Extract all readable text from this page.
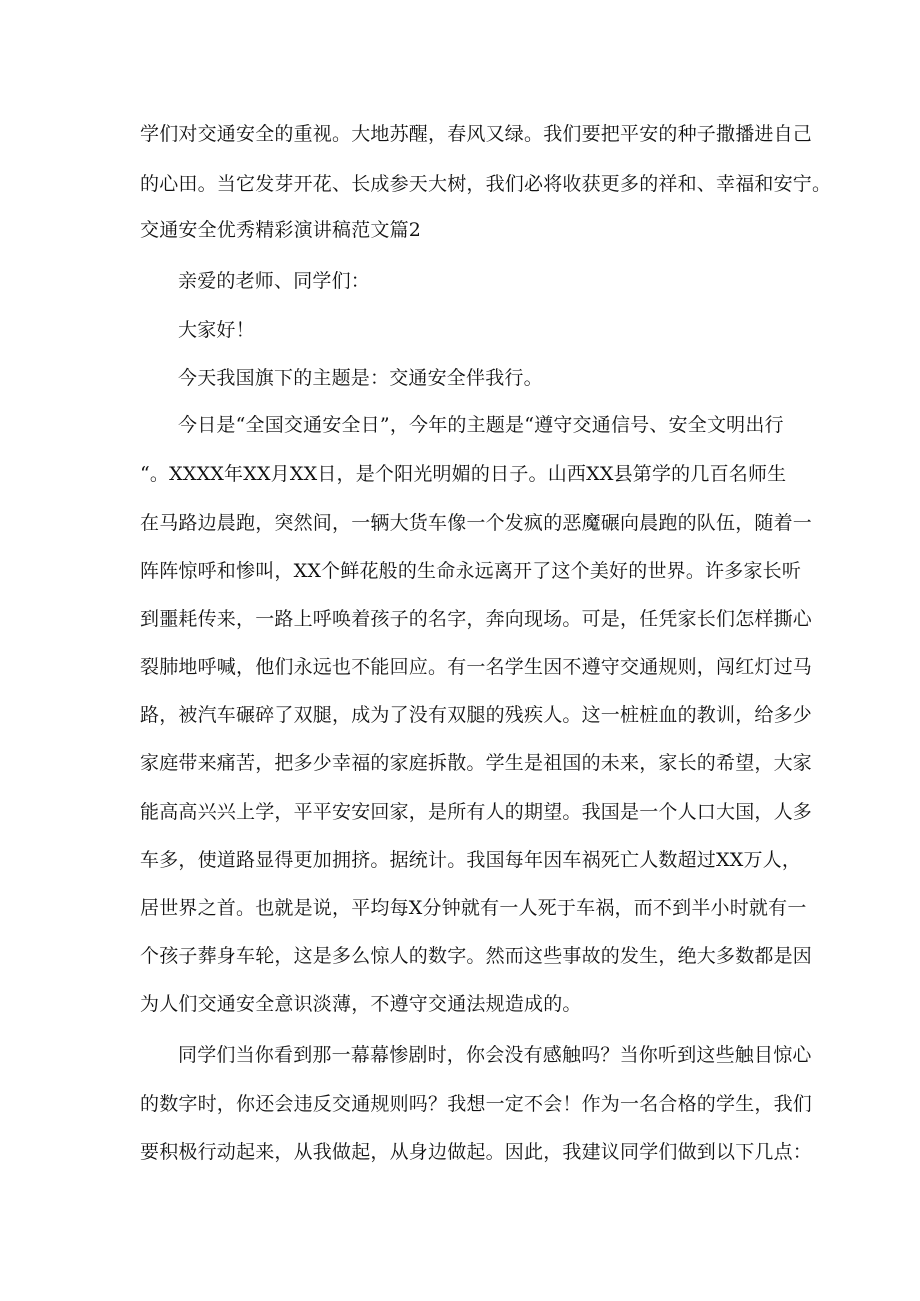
学们对交通安全的重视。大地苏醒，春风又绿。我们要把平安的种子撒播进自己
的心田。当它发芽开花、长成参天大树，我们必将收获更多的祥和、幸福和安宁。
交通安全优秀精彩演讲稿范文篇2
亲爱的老师、同学们：
大家好！
今天我国旗下的主题是：交通安全伴我行。
今日是“全国交通安全日”，今年的主题是“遵守交通信号、安全文明出行
“。XXXX年XX月XX日，是个阳光明媚的日子。山西XX县第学的几百名师生
在马路边晨跑，突然间，一辆大货车像一个发疯的恶魔碾向晨跑的队伍，随着一
阵阵惊呼和惨叫，XX个鲜花般的生命永远离开了这个美好的世界。许多家长听
到噩耗传来，一路上呼唤着孩子的名字，奔向现场。可是，任凭家长们怎样撕心
裂肺地呼喊，他们永远也不能回应。有一名学生因不遵守交通规则，闯红灯过马
路，被汽车碾碎了双腿，成为了没有双腿的残疾人。这一桩桩血的教训，给多少
家庭带来痛苦，把多少幸福的家庭拆散。学生是祖国的未来，家长的希望，大家
能高高兴兴上学，平平安安回家，是所有人的期望。我国是一个人口大国，人多
车多，使道路显得更加拥挤。据统计。我国每年因车祸死亡人数超过XX万人，
居世界之首。也就是说，平均每X分钟就有一人死于车祸，而不到半小时就有一
个孩子葬身车轮，这是多么惊人的数字。然而这些事故的发生，绝大多数都是因
为人们交通安全意识淡薄，不遵守交通法规造成的。
同学们当你看到那一幕幕惨剧时，你会没有感触吗？当你听到这些触目惊心
的数字时，你还会违反交通规则吗？我想一定不会！作为一名合格的学生，我们
要积极行动起来，从我做起，从身边做起。因此，我建议同学们做到以下几点：
